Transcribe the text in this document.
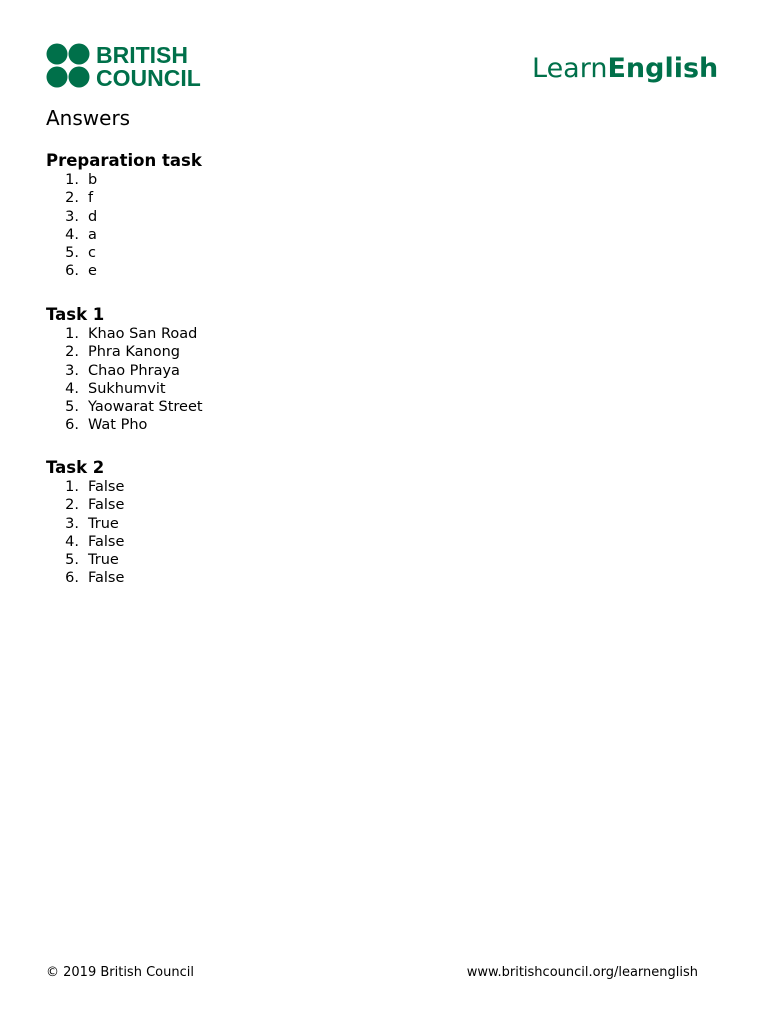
BRITISH
COUNCIL	LearnEnglish
Answers
Preparation task
1. b
2. f
3. d
4. a
5. c
6. e
Task 1
1. Khao San Road
2. Phra Kanong
3. Chao Phraya
4. Sukhumvit
5. Yaowarat Street
6. Wat Pho
Task 2
1. False
2. False
3. True
4. False
5. True
6. False
© 2019 British Council	www.britishcouncil.org/learnenglish
